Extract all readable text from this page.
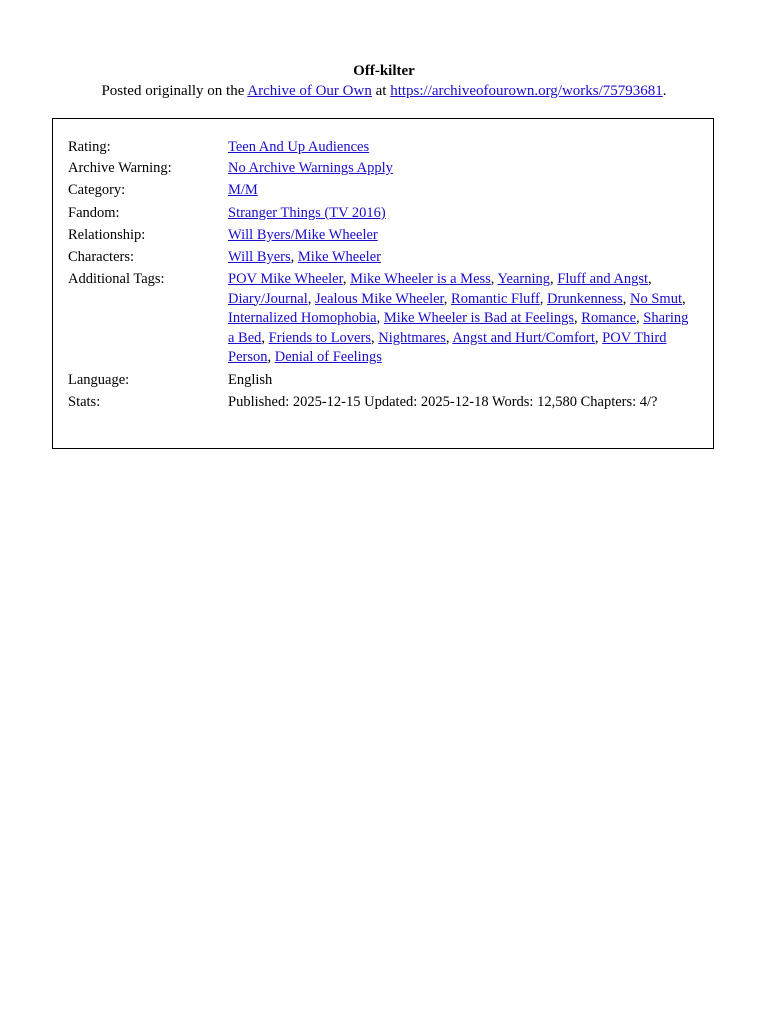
Off-kilter
Posted originally on the Archive of Our Own at https://archiveofourown.org/works/75793681.
Rating:	Teen And Up Audiences
Archive Warning:	No Archive Warnings Apply
Category:	M/M
Fandom:	Stranger Things (TV 2016)
Relationship:	Will Byers/Mike Wheeler
Characters:	Will Byers, Mike Wheeler
Additional Tags:	POV Mike Wheeler, Mike Wheeler is a Mess, Yearning, Fluff and Angst, Diary/Journal, Jealous Mike Wheeler, Romantic Fluff, Drunkenness, No Smut, Internalized Homophobia, Mike Wheeler is Bad at Feelings, Romance, Sharing a Bed, Friends to Lovers, Nightmares, Angst and Hurt/Comfort, POV Third Person, Denial of Feelings
Language:	English
Stats:	Published: 2025-12-15 Updated: 2025-12-18 Words: 12,580 Chapters: 4/?
